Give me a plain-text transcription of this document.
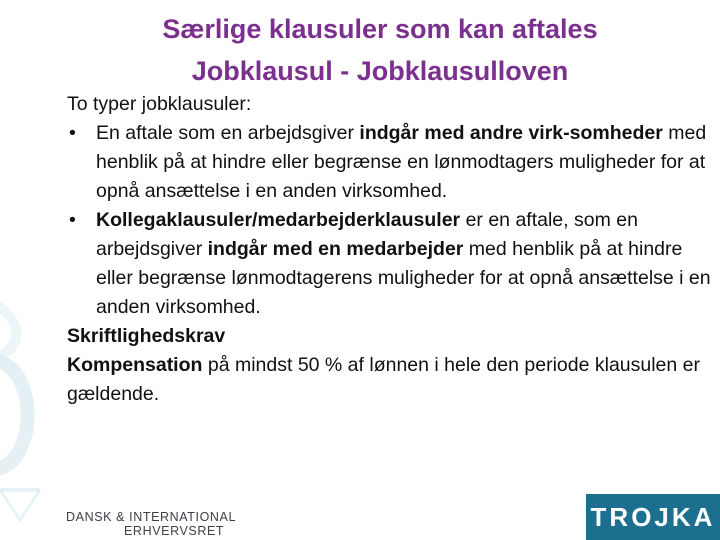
Særlige klausuler som kan aftales
Jobklausul - Jobklausulloven

To typer jobklausuler:

• En aftale som en arbejdsgiver indgår med andre virk-somheder med henblik på at hindre eller begrænse en lønmodtagers muligheder for at opnå ansættelse i en anden virksomhed.

• Kollegaklausuler/medarbejderklausuler er en aftale, som en arbejdsgiver indgår med en medarbejder med henblik på at hindre eller begrænse lønmodtagerens muligheder for at opnå ansættelse i en anden virksomhed.

Skriftlighedskrav

Kompensation på mindst 50 % af lønnen i hele den periode klausulen er gældende.

DANSK & INTERNATIONAL
ERHVERVSRET	TROJKA
